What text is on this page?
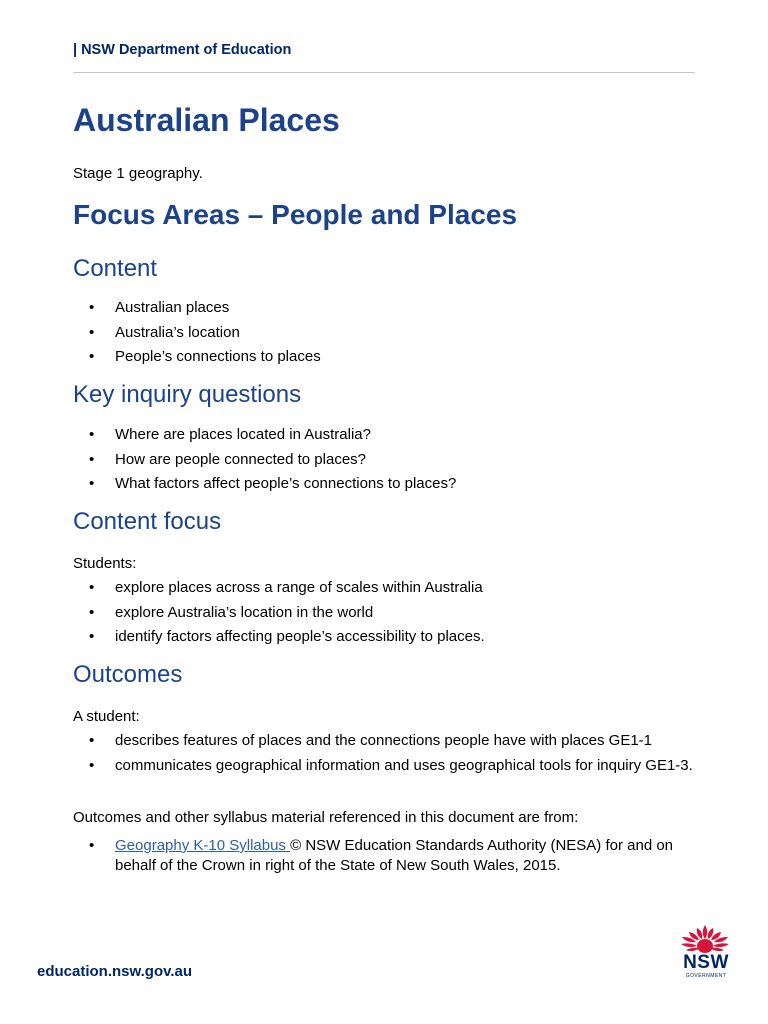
| NSW Department of Education
Australian Places

Stage 1 geography.

Focus Areas – People and Places
Content
• Australian places
• Australia’s location
• People’s connections to places
Key inquiry questions
• Where are places located in Australia?
• How are people connected to places?
• What factors affect people’s connections to places?
Content focus

Students:

• explore places across a range of scales within Australia
• explore Australia’s location in the world
• identify factors affecting people’s accessibility to places.
Outcomes

A student:

• describes features of places and the connections people have with places GE1-1
• communicates geographical information and uses geographical tools for inquiry GE1-3.

Outcomes and other syllabus material referenced in this document are from:

• Geography K-10 Syllabus © NSW Education Standards Authority (NESA) for and on behalf of the Crown in right of the State of New South Wales, 2015.
education.nsw.gov.au	NSW
GOVERNMENT
